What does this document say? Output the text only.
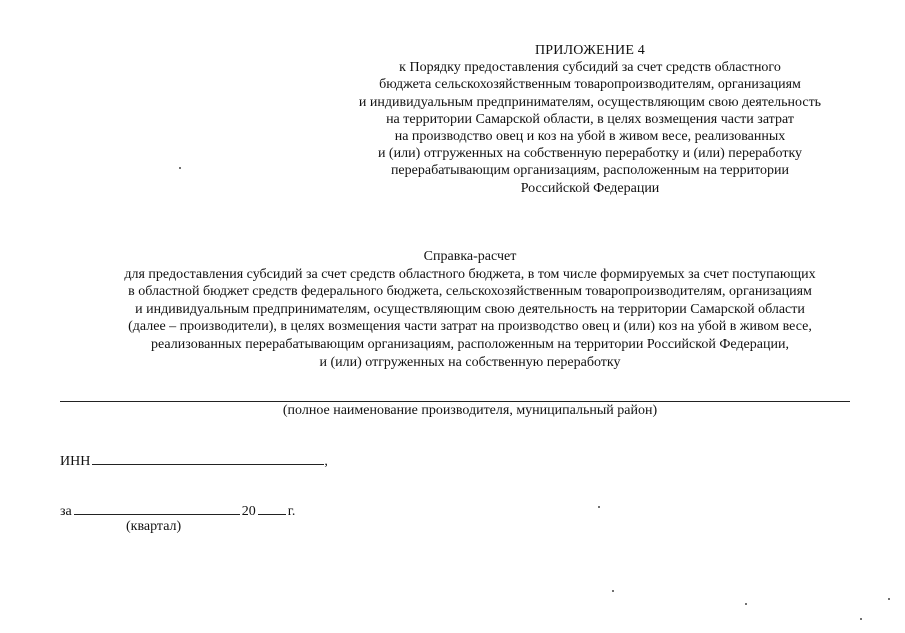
ПРИЛОЖЕНИЕ 4
к Порядку предоставления субсидий за счет средств областного
бюджета сельскохозяйственным товаропроизводителям, организациям
и индивидуальным предпринимателям, осуществляющим свою деятельность
на территории Самарской области, в целях возмещения части затрат
на производство овец и коз на убой в живом весе, реализованных
и (или) отгруженных на собственную переработку и (или) переработку
перерабатывающим организациям, расположенным на территории
Российской Федерации
Справка-расчет
для предоставления субсидий за счет средств областного бюджета, в том числе формируемых за счет поступающих
в областной бюджет средств федерального бюджета, сельскохозяйственным товаропроизводителям, организациям
и индивидуальным предпринимателям, осуществляющим свою деятельность на территории Самарской области
(далее – производители), в целях возмещения части затрат на производство овец и (или) коз на убой в живом весе,
реализованных перерабатывающим организациям, расположенным на территории Российской Федерации,
и (или) отгруженных на собственную переработку
(полное наименование производителя, муниципальный район)
ИНН	,
за	20 г.
(квартал)
